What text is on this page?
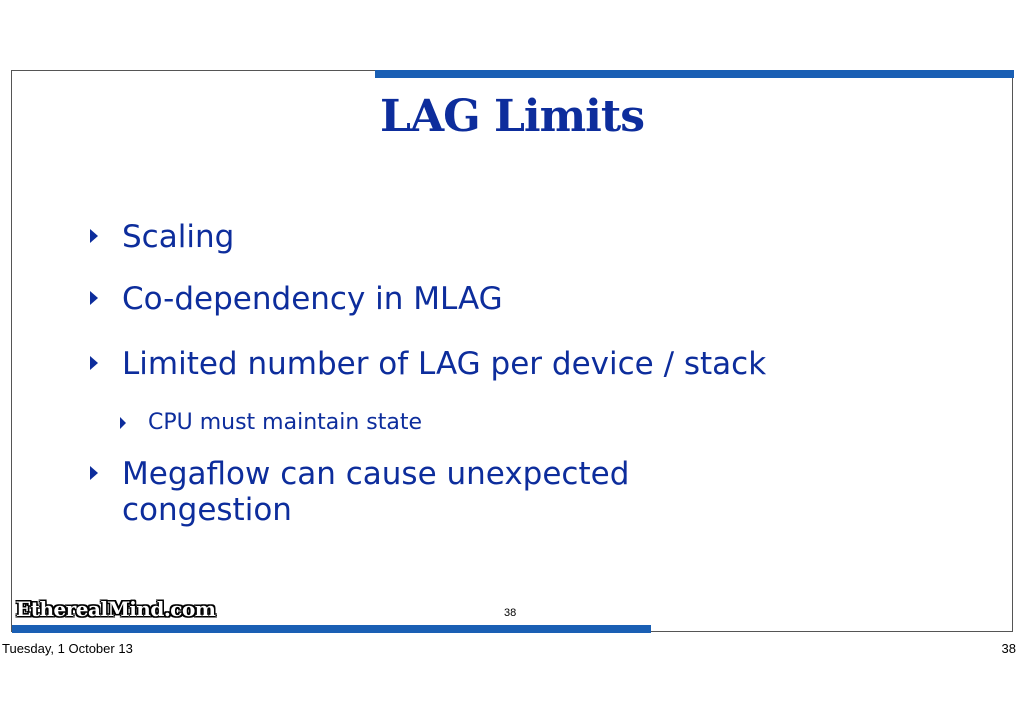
LAG Limits
Scaling
Co-dependency in MLAG
Limited number of LAG per device / stack
CPU must maintain state
Megaflow can cause unexpected congestion
EtherealMind.com	38
Tuesday, 1 October 13	38
